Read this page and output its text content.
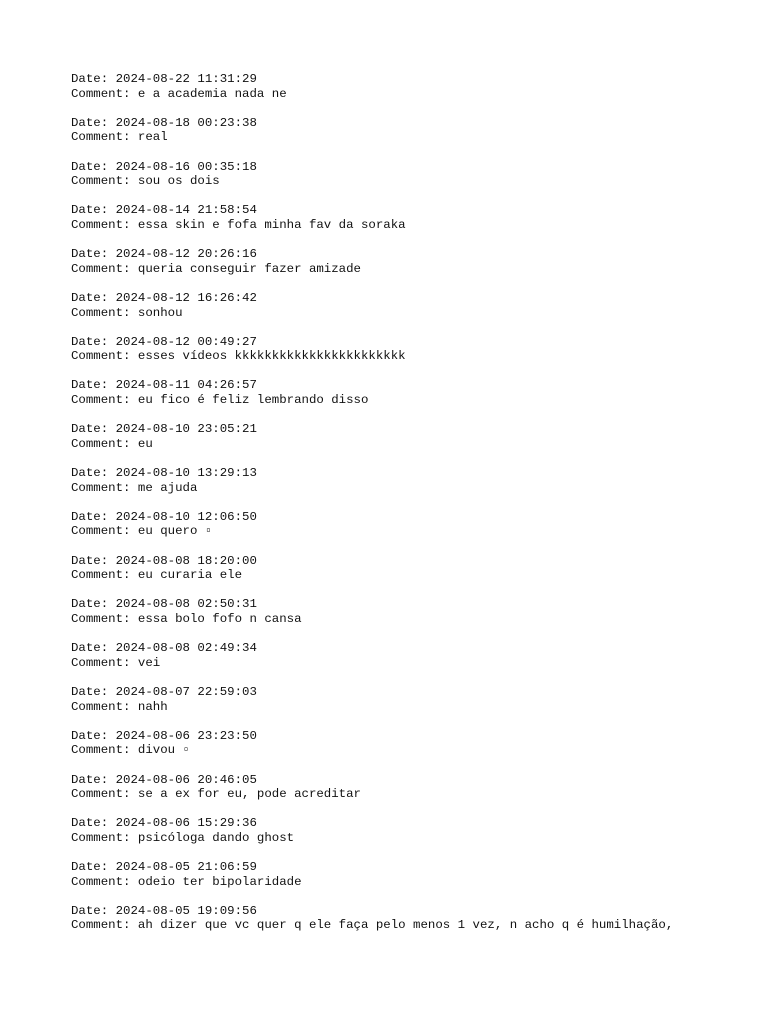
Date: 2024-08-22 11:31:29
Comment: e a academia nada ne
Date: 2024-08-18 00:23:38
Comment: real
Date: 2024-08-16 00:35:18
Comment: sou os dois
Date: 2024-08-14 21:58:54
Comment: essa skin e fofa minha fav da soraka
Date: 2024-08-12 20:26:16
Comment: queria conseguir fazer amizade
Date: 2024-08-12 16:26:42
Comment: sonhou
Date: 2024-08-12 00:49:27
Comment: esses vídeos kkkkkkkkkkkkkkkkkkkkkkk
Date: 2024-08-11 04:26:57
Comment: eu fico é feliz lembrando disso
Date: 2024-08-10 23:05:21
Comment: eu
Date: 2024-08-10 13:29:13
Comment: me ajuda
Date: 2024-08-10 12:06:50
Comment: eu quero ▫
Date: 2024-08-08 18:20:00
Comment: eu curaria ele
Date: 2024-08-08 02:50:31
Comment: essa bolo fofo n cansa
Date: 2024-08-08 02:49:34
Comment: vei
Date: 2024-08-07 22:59:03
Comment: nahh
Date: 2024-08-06 23:23:50
Comment: divou ▫
Date: 2024-08-06 20:46:05
Comment: se a ex for eu, pode acreditar
Date: 2024-08-06 15:29:36
Comment: psicóloga dando ghost
Date: 2024-08-05 21:06:59
Comment: odeio ter bipolaridade
Date: 2024-08-05 19:09:56
Comment: ah dizer que vc quer q ele faça pelo menos 1 vez, n acho q é humilhação,
